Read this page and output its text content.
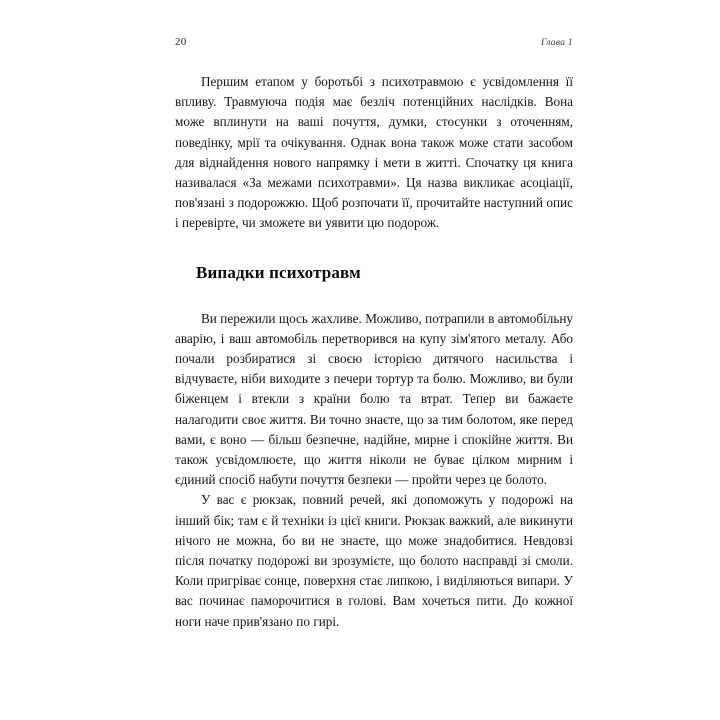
20	Глава 1

Першим етапом у боротьбі з психотравмою є усвідомлення її впливу. Травмуюча подія має безліч потенційних наслідків. Вона може вплинути на ваші почуття, думки, стосунки з оточенням, поведінку, мрії та очікування. Однак вона також може стати засобом для віднайдення нового напрямку і мети в житті. Спочатку ця книга називалася «За межами психотравми». Ця назва викликає асоціації, пов'язані з подорожжю. Щоб розпочати її, прочитайте наступний опис і перевірте, чи зможете ви уявити цю подорож.

Випадки психотравм

Ви пережили щось жахливе. Можливо, потрапили в автомобільну аварію, і ваш автомобіль перетворився на купу зім'ятого металу. Або почали розбиратися зі своєю історією дитячого насильства і відчуваєте, ніби виходите з печери тортур та болю. Можливо, ви були біженцем і втекли з країни болю та втрат. Тепер ви бажаєте налагодити своє життя. Ви точно знаєте, що за тим болотом, яке перед вами, є воно — більш безпечне, надійне, мирне і спокійне життя. Ви також усвідомлюєте, що життя ніколи не буває цілком мирним і єдиний спосіб набути почуття безпеки — пройти через це болото.

У вас є рюкзак, повний речей, які допоможуть у подорожі на інший бік; там є й техніки із цієї книги. Рюкзак важкий, але викинути нічого не можна, бо ви не знаєте, що може знадобитися. Невдовзі після початку подорожі ви зрозумієте, що болото насправді зі смоли. Коли пригріває сонце, поверхня стає липкою, і виділяються випари. У вас починає паморочитися в голові. Вам хочеться пити. До кожної ноги наче прив'язано по гирі.
